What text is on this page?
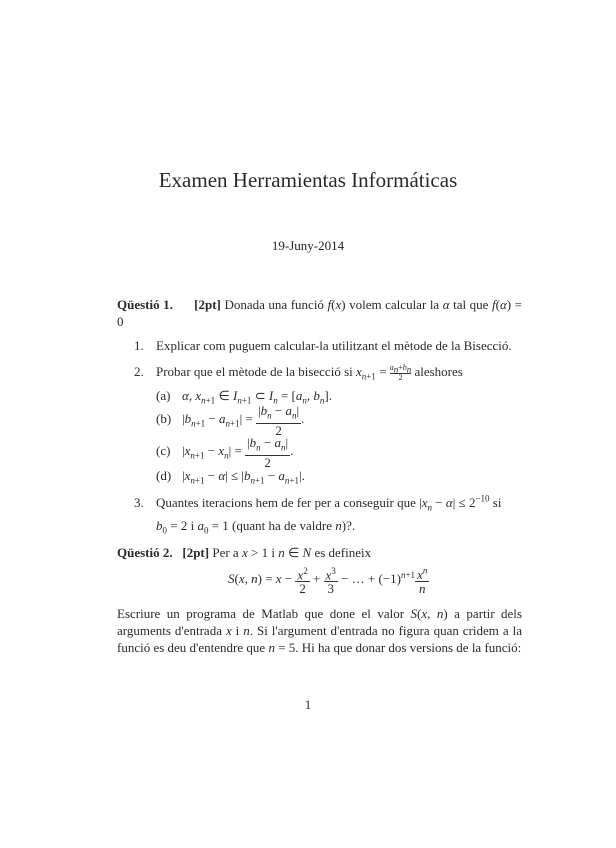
Examen Herramientas Informáticas
19-Juny-2014
Qüestió 1. [2pt] Donada una funció f(x) volem calcular la α tal que f(α) = 0
1. Explicar com puguem calcular-la utilitzant el mètode de la Bisecció.
2. Probar que el mètode de la bisecció si $x_{n+1} = \frac{a_n+b_n}{2}$ aleshores
(a) α, $x_{n+1}$ ∈ $I_{n+1}$ ⊂ $I_n = [a_n$, $b_n$].
(b) $|b_{n+1} - a_{n+1}| = \frac{|b_n - a_n|}{2}$ .
(c) $|x_{n+1} - x_n| = \frac{|b_n - a_n|}{2}$ .
(d) $|x_{n+1} - \alpha| \le |b_{n+1} - a_{n+1}|$.
3. Quantes iteracions hem de fer per a conseguir que $|x_n - \alpha| \le 2^{-10}$ si
$b_0 = 2$ i $a_0 = 1$ (quant ha de valdre n)?.
Qüestió 2. [2pt] Per a x > 1 i n ∈ N es defineix
S(x, $n) = x - \frac{x^2}{2} + \frac{x^3}{3}$ − … + $(-1)^{n+1} \frac{x^n}{n}$
Escriure un programa de Matlab que done el valor S(x, n) a partir dels arguments d'entrada x i n. Si l'argument d'entrada no figura quan cridem a la funció es deu d'entendre que n = 5. Hi ha que donar dos versions de la funció:
1
